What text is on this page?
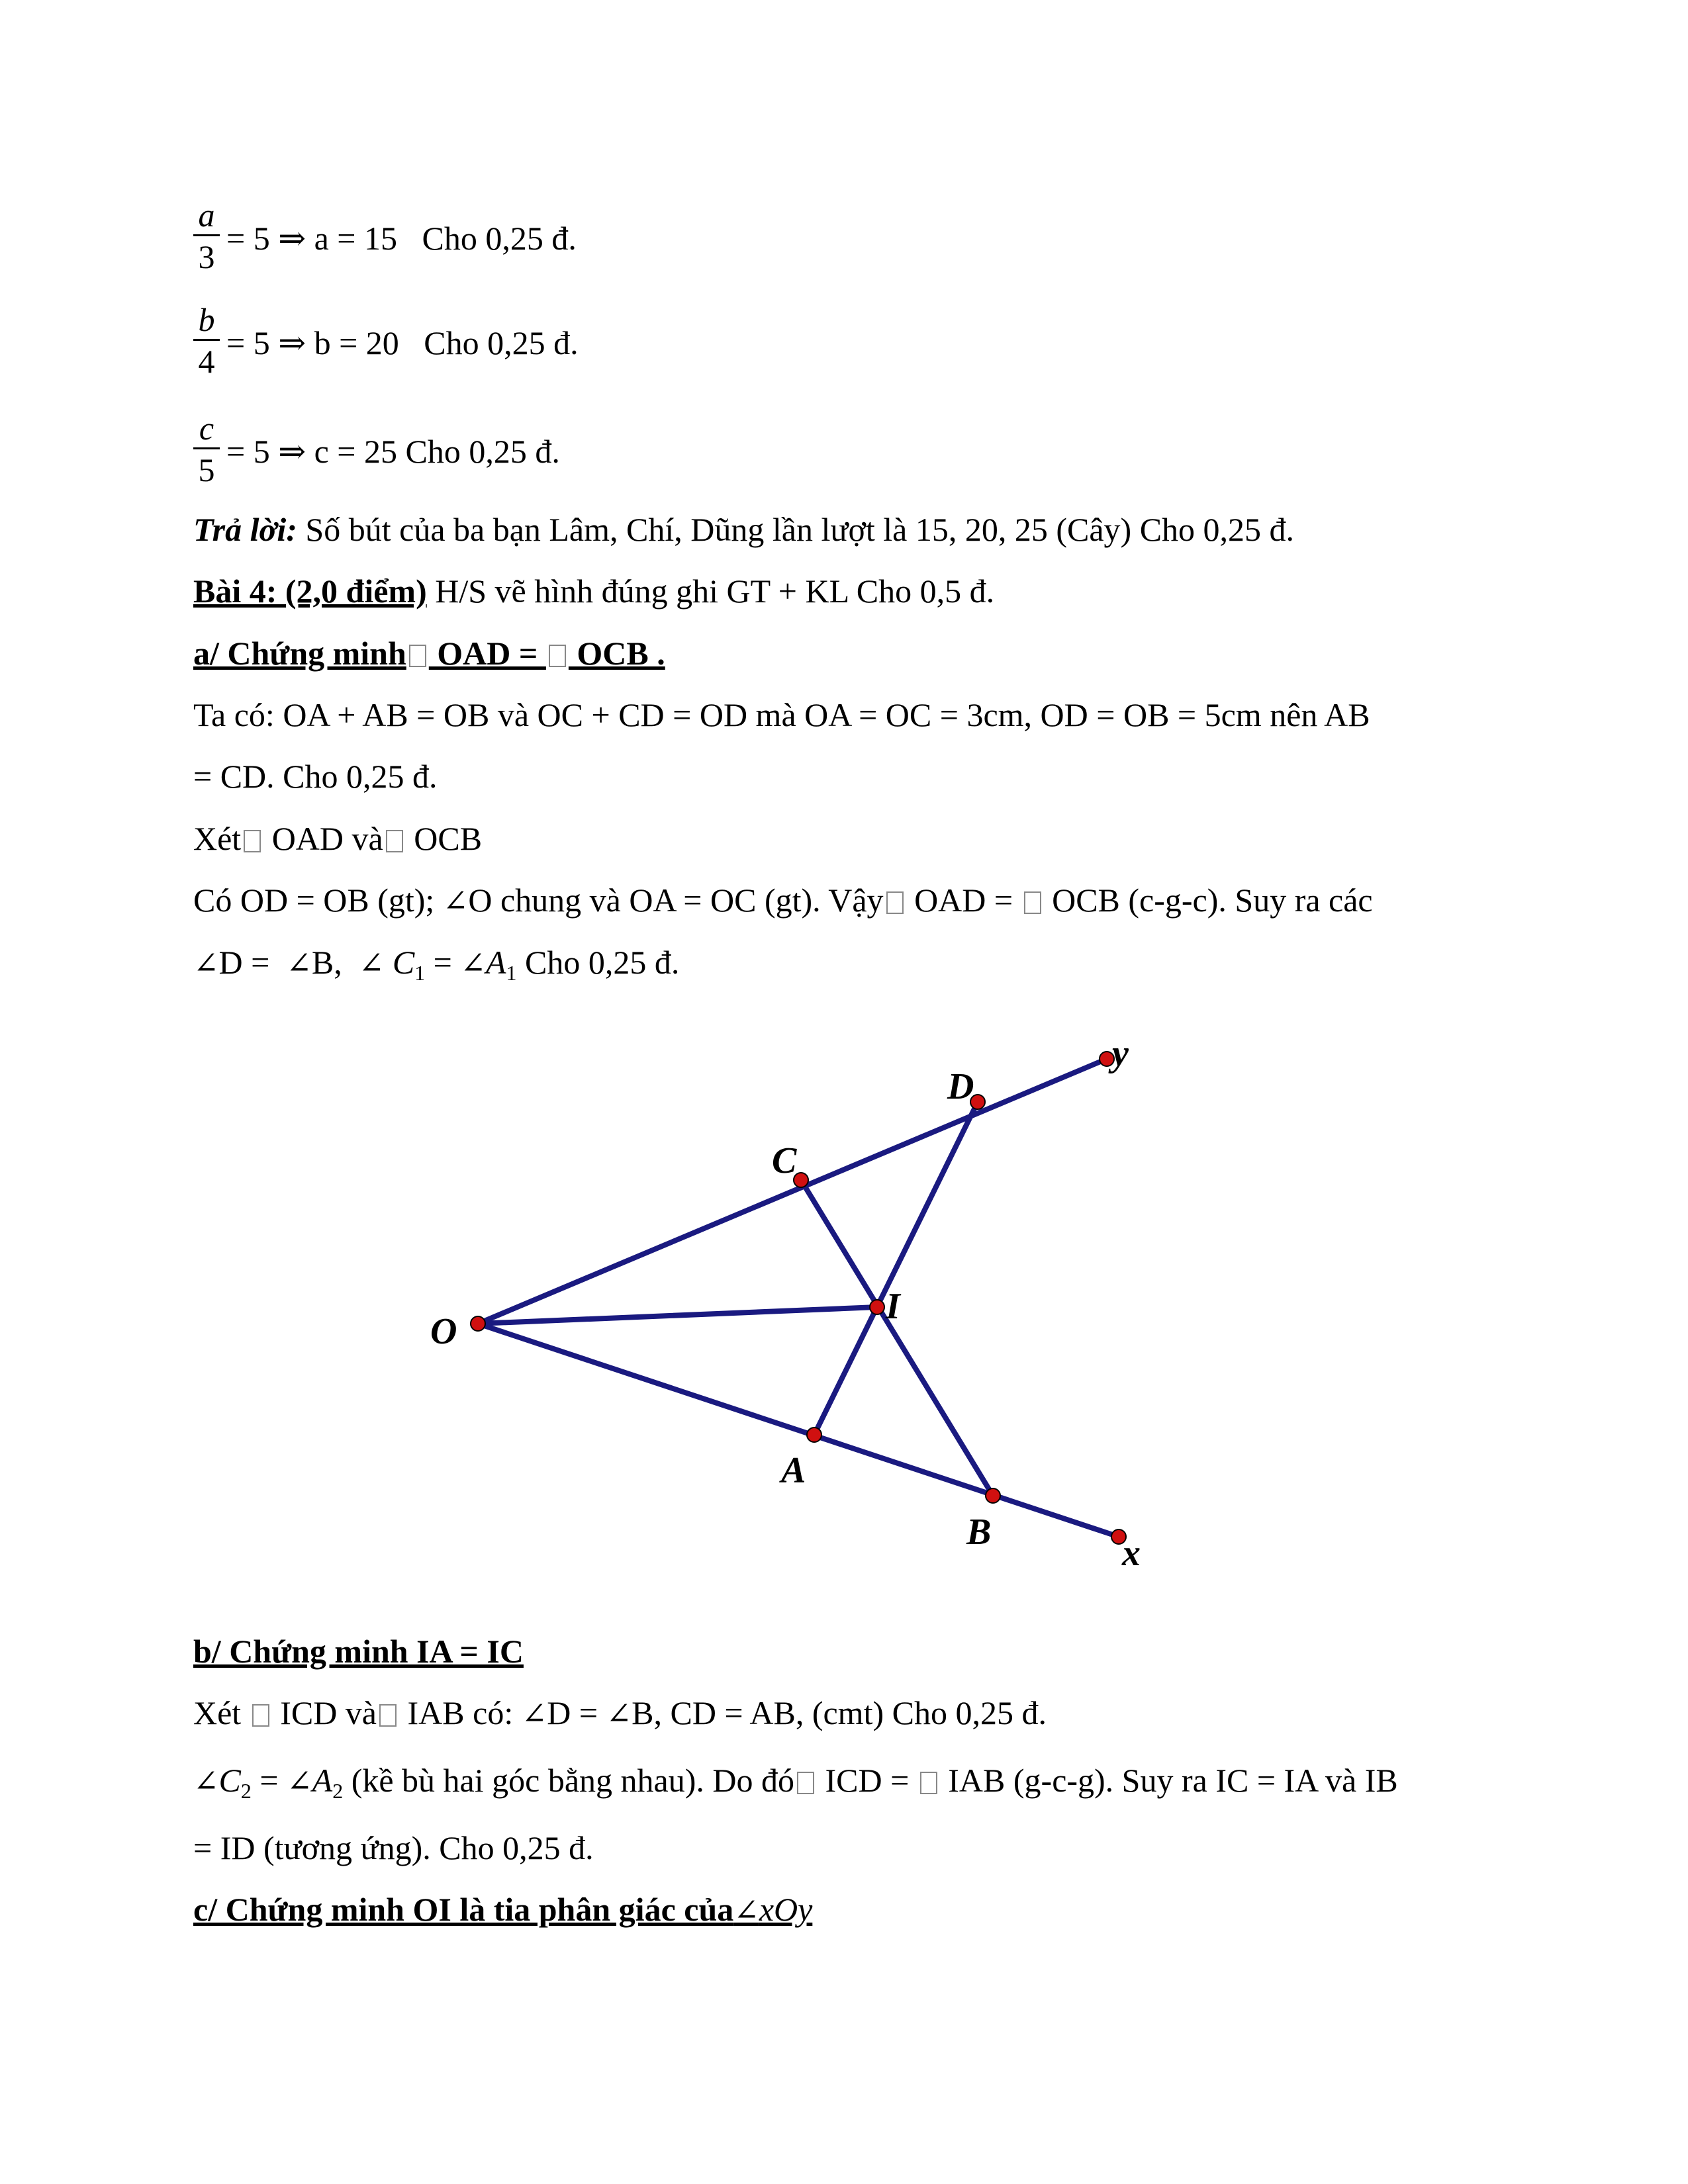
$\frac{a}{3} = 5$ ⇒ a = 15 Cho 0,25 đ.
$\frac{b}{4} = 5$ ⇒ b = 20 Cho 0,25 đ.
$\frac{c}{5} = 5$ ⇒ c = 25 Cho 0,25 đ.
Trả lời: Số bút của ba bạn Lâm, Chí, Dũng lần lượt là 15, 20, 25 (Cây) Cho 0,25 đ.
Bài 4: (2,0 điểm) H/S vẽ hình đúng ghi GT + KL Cho 0,5 đ.
a/ Chứng minh OAD =  OCB .
Ta có: OA + AB = OB và OC + CD = OD mà OA = OC = 3cm, OD = OB = 5cm nên AB
= CD. Cho 0,25 đ.
Xét OAD và OCB
Có OD = OB (gt); ∠O chung và OA = OC (gt). Vậy OAD =  OCB (c-g-c). Suy ra các
∠D =  ∠B,  ∠ $C_1$ = $\angle A_1$ Cho 0,25 đ.
O
C
D
y
I
A
B
x
b/ Chứng minh IA = IC
Xét  ICD và IAB có: ∠D = ∠B, CD = AB, (cmt) Cho 0,25 đ.
$\angle C_2$ = $\angle A_2$ (kề bù hai góc bằng nhau). Do đó ICD =  IAB (g-c-g). Suy ra IC = IA và IB
= ID (tương ứng). Cho 0,25 đ.
c/ Chứng minh OI là tia phân giác của∠xOy
